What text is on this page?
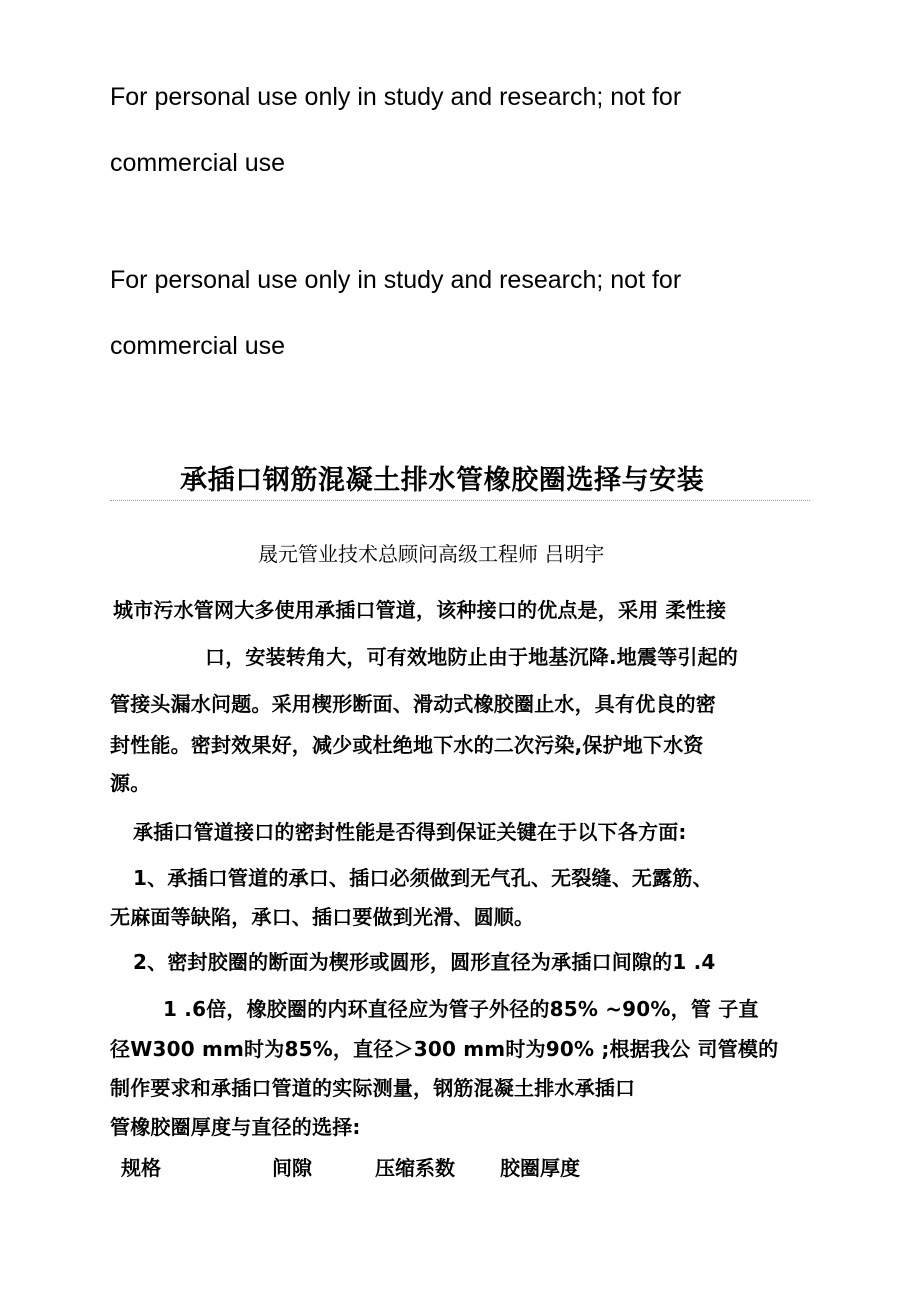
For personal use only in study and research; not for

commercial use

For personal use only in study and research; not for

commercial use

承插口钢筋混凝土排水管橡胶圈选择与安装

晟元管业技术总顾问高级工程师 吕明宇

城市污水管网大多使用承插口管道，该种接口的优点是，采用 柔性接

口，安装转角大，可有效地防止由于地基沉降.地震等引起的

管接头漏水问题。采用楔形断面、滑动式橡胶圈止水，具有优良的密

封性能。密封效果好，减少或杜绝地下水的二次污染,保护地下水资

源。

承插口管道接口的密封性能是否得到保证关键在于以下各方面:

1、承插口管道的承口、插口必须做到无气孔、无裂缝、无露筋、

无麻面等缺陷，承口、插口要做到光滑、圆顺。

2、密封胶圈的断面为楔形或圆形，圆形直径为承插口间隙的1 .4

1 .6倍，橡胶圈的内环直径应为管子外径的85% ~90%，管 子直

径W300 mm时为85%，直径＞300 mm时为90% ;根据我公 司管模的

制作要求和承插口管道的实际测量，钢筋混凝土排水承插口

管橡胶圈厚度与直径的选择:

规格	间隙	压缩系数 胶圈厚度
